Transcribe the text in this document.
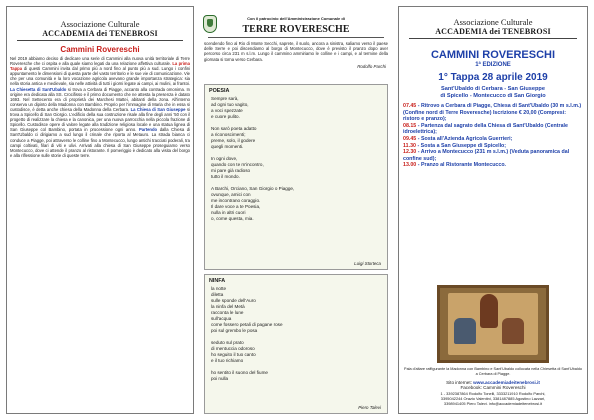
Associazione Culturale
ACCADEMIA dei TENEBROSI
Cammini Rovereschi
Nel 2019 abbiamo deciso di dedicare una serie di Cammini alla nuova unità territoriale di Terre Roveresche che ci ospita e alla quale siamo legati da una relazione affettiva culturale. La prima Tappa di questi Cammini invita dal primo più a nord fino al punto più a sud. Lungo i confini appuntamento le dimensioni di questa parte del vasto territorio e le sue vie di comunicazione. Vie che per una comunità e la loro vocazione agricola avevano grande importanza strategica: sia nella storia antica e medievale, sia nelle attività di tutti i giorni legate ai campi, ai mulini, ai frantoi. La Chiesetta di Sant'Ubaldo si trova a Cerbara di Piagge, accanto alla contrada omonima. In origine era dedicata alla SS. Crocifisso e il primo documento che ne attesta la presenza è datato 1693. Nel Settecento era di proprietà dei Marchesi Mattei, abitanti della zona. All'interno conserva un dipinto della Madonna con Bambino. Proprio per l'immagine di Maria che in essa si custodisce, è detta anche chiesa della Madonna della Cerbara. La Chiesa di San Giuseppe si trova a Spicello di San Giorgio. L'edificio della sua costruzione risale alla fine degli anni '50 con il progetto di realizzare la chiesa e la canonica, per una nuova parrocchia nella piccola frazione di Spicello. Custodisce opere di valore legate alla tradizione religiosa locale e una statua lignea di San Giuseppe col Bambino, portata in processione ogni anno. Partendo dalla Chiesa di Sant'Ubaldo ci dirigiamo a sud lungo il crinale che riporta al Metauro. La strada bianca ci conduce a Piagge, poi attraverso le colline fino a Montecucco, lungo antichi tracciati poderali, tra campi coltivati, filari di viti e ulivi. Arrivati alla chiesa di San Giuseppe proseguiamo verso Montecucco, dove ci attende il pranzo al ristorante. Il pomeriggio è dedicato alla visita del borgo e alla riflessione sulle storie di queste terre.
Con il patrocinio dell'Amministrazione Comunale di
TERRE ROVERESCHE
scendendo fino al Rio di Monte Secchi, saprete, il suolo, ancora a sinistra, saliamo verso il paese delle Serre e poi discendiamo al borgo di Montecucco, dove è previsto il pranzo dopo aver percorso circa 231 m s.l.m. Lungo il cammino ammiriamo le colline e i campi, e al termine della giornata si torna verso Cerbara.
Rodolfo Parchi
POESIA
Sempre sarà,
ad ogni tuo vagito,
a voci spezzate
e cuore pulito.

Non sarò poeta adatto
a riconoscimenti;
preme, solo, il godere
quegli momenti.

In ogni dove,
quando con te m'incontro,
mi pare già radioso
tutto il mondo.

A Barchi, Orciano, San Giorgio o Piagge,
ovunque, amici con
me incontrano coraggio.
Il dare voce a te Poesia,
nulla in altri cuori
o, come questa, mia.
Luigi Storteca
NINFA
la notte
diletta
sulle sponde dell'Auro
la ninfa del Metà
racconta le lune
sull'acqua
come fossero petali di pagane rose
poi sul grembo le posa

seduto sul prato
di mentuccia odoroso
ho seguito il tuo canto
e il tuo richiamo

ho sentito il suono del fiume
poi nulla
Piero Talevi
Associazione Culturale
ACCADEMIA dei TENEBROSI
CAMMINI ROVERESCHI
1ª EDIZIONE
1° Tappa 28 aprile 2019
Sant'Ubaldo di Cerbara - San Giuseppe
di Spicello - Montecucco di San Giorgio
07.45 - Ritrovo a Cerbara di Piagge, Chiesa di Sant'Ubaldo (30 m s.l.m.) (Confine nord di Terre Roveresche) Iscrizione € 20,00 (Compresi: ristoro e pranzo);
08.15 - Partenza dal sagrato della Chiesa di Sant'Ubaldo (Centrale idroelettrica);
09.45 - Sosta all'Azienda Agricola Guerrieri;
11.30 - Sosta a San Giuseppe di Spicello;
12.30 - Arrivo a Montecucco (231 m s.l.m.) (Veduta panoramica dal confine sud);
13.00 - Pranzo al Ristorante Montecucco.
Pala d'altare raffigurante la Madonna con Bambino e Sant'Ubaldo collocata nella Chiesetta di Sant'Ubaldo a Cerbara di Piagge.
Sito internet: www.accademiadeitenebrosi.it
Facebook: Cammini Rovereschi
1 - 3392387864 Rodolfo Tonelli, 3333211910 Rodolfo Parchi,
3395042244 Orazio Valentini, 3381487885 Agostino Lazzari,
3398941405 Piero Talevi. info@accademiadeitenebrosi.it
